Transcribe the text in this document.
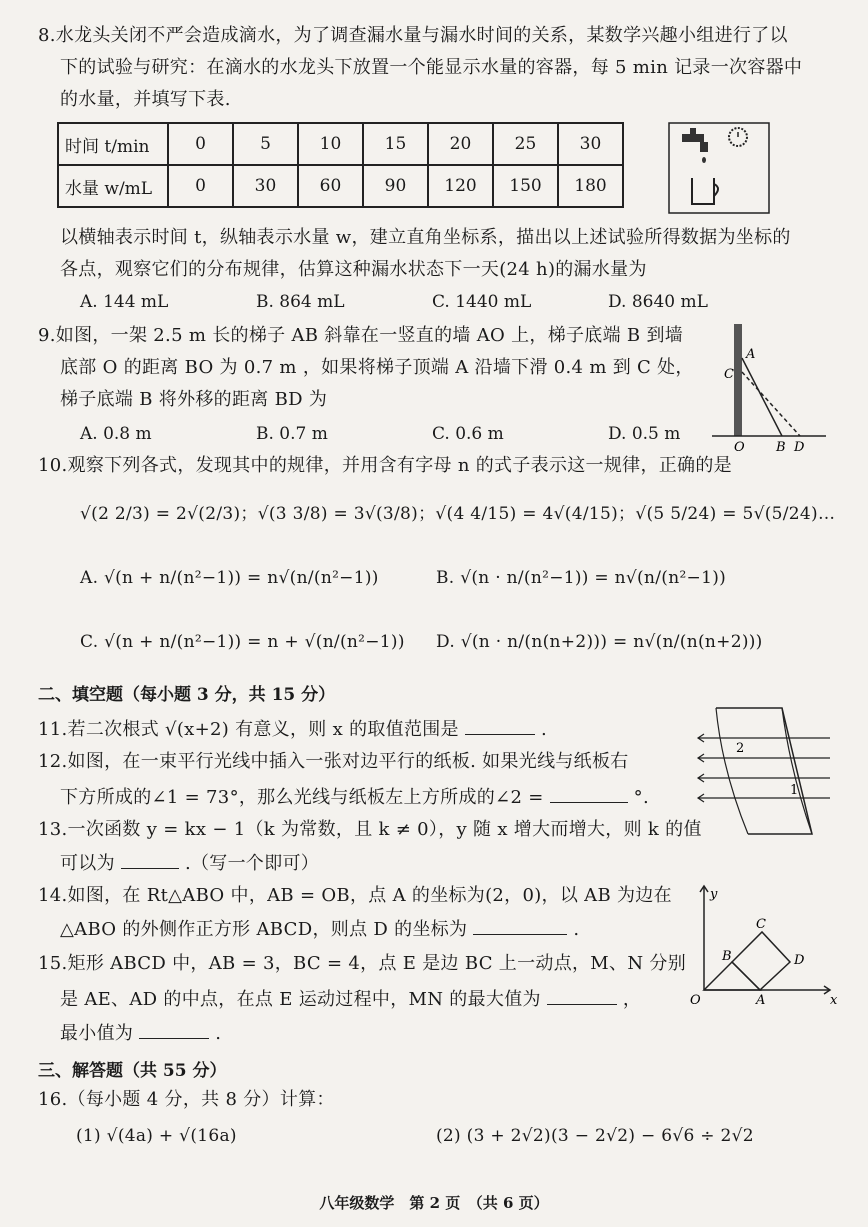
8.水龙头关闭不严会造成滴水，为了调查漏水量与漏水时间的关系，某数学兴趣小组进行了以
下的试验与研究：在滴水的水龙头下放置一个能显示水量的容器，每 5 min 记录一次容器中
的水量，并填写下表.
时间 t/min	0	5	10	15	20	25	30
水量 w/mL	0	30	60	90	120	150	180
以横轴表示时间 t，纵轴表示水量 w，建立直角坐标系，描出以上述试验所得数据为坐标的
各点，观察它们的分布规律，估算这种漏水状态下一天(24 h)的漏水量为
A. 144 mL	B. 864 mL	C. 1440 mL	D. 8640 mL
9.如图，一架 2.5 m 长的梯子 AB 斜靠在一竖直的墙 AO 上，梯子底端 B 到墙
底部 O 的距离 BO 为 0.7 m ，如果将梯子顶端 A 沿墙下滑 0.4 m 到 C 处，
梯子底端 B 将外移的距离 BD 为
A. 0.8 m	B. 0.7 m	C. 0.6 m	D. 0.5 m
A
C
O B D
10.观察下列各式，发现其中的规律，并用含有字母 n 的式子表示这一规律，正确的是
√(2 2/3) = 2√(2/3)；√(3 3/8) = 3√(3/8)；√(4 4/15) = 4√(4/15)；√(5 5/24) = 5√(5/24)…
A. √(n + n/(n²−1)) = n√(n/(n²−1))	B. √(n · n/(n²−1)) = n√(n/(n²−1))
C. √(n + n/(n²−1)) = n + √(n/(n²−1)) D. √(n · n/(n(n+2))) = n√(n/(n(n+2)))
二、填空题（每小题 3 分，共 15 分）
11.若二次根式 √(x+2) 有意义，则 x 的取值范围是	.
12.如图，在一束平行光线中插入一张对边平行的纸板. 如果光线与纸板右
下方所成的∠1 = 73°，那么光线与纸板左上方所成的∠2 =	°.
2
1
13.一次函数 y = kx − 1（k 为常数，且 k ≠ 0），y 随 x 增大而增大，则 k 的值
可以为	.（写一个即可）
14.如图，在 Rt△ABO 中，AB = OB，点 A 的坐标为(2，0)，以 AB 为边在
△ABO 的外侧作正方形 ABCD，则点 D 的坐标为	.
y
x
O	A
B
C
D
15.矩形 ABCD 中，AB = 3，BC = 4，点 E 是边 BC 上一动点，M、N 分别
是 AE、AD 的中点，在点 E 运动过程中，MN 的最大值为	，
最小值为	.
三、解答题（共 55 分）
16.（每小题 4 分，共 8 分）计算：
(1) √(4a) + √(16a)	(2) (3 + 2√2)(3 − 2√2) − 6√6 ÷ 2√2
八年级数学　第 2 页　（共 6 页）
